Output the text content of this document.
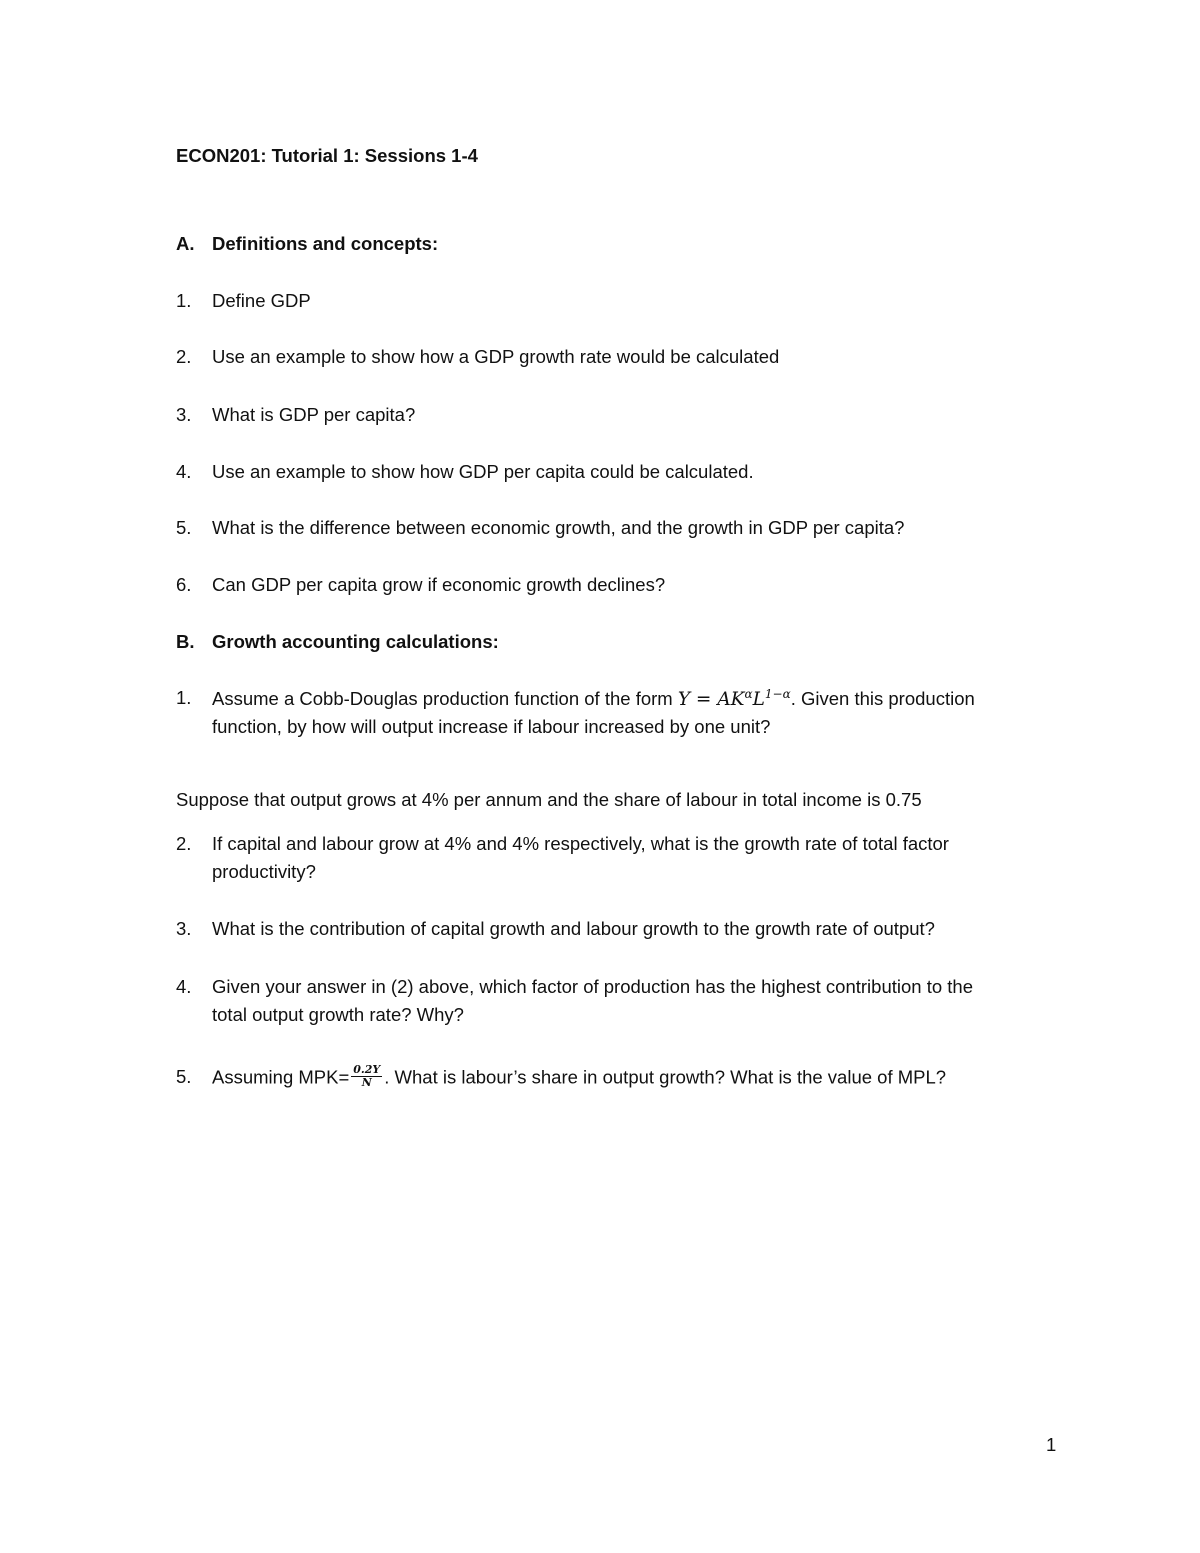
ECON201: Tutorial 1: Sessions 1-4
A. Definitions and concepts:
1. Define GDP
2. Use an example to show how a GDP growth rate would be calculated
3. What is GDP per capita?
4. Use an example to show how GDP per capita could be calculated.
5. What is the difference between economic growth, and the growth in GDP per capita?
6. Can GDP per capita grow if economic growth declines?
B. Growth accounting calculations:
1. Assume a Cobb-Douglas production function of the form $Y = AK^\alpha L^{1-\alpha}$. Given this production
function, by how will output increase if labour increased by one unit?
Suppose that output grows at 4% per annum and the share of labour in total income is 0.75
2. If capital and labour grow at 4% and 4% respectively, what is the growth rate of total factor
productivity?
3. What is the contribution of capital growth and labour growth to the growth rate of output?
4. Given your answer in (2) above, which factor of production has the highest contribution to the
total output growth rate? Why?
5. Assuming $MPK= \frac{0.2Y}{N}$ . What is labour’s share in output growth? What is the value of MPL?
1
